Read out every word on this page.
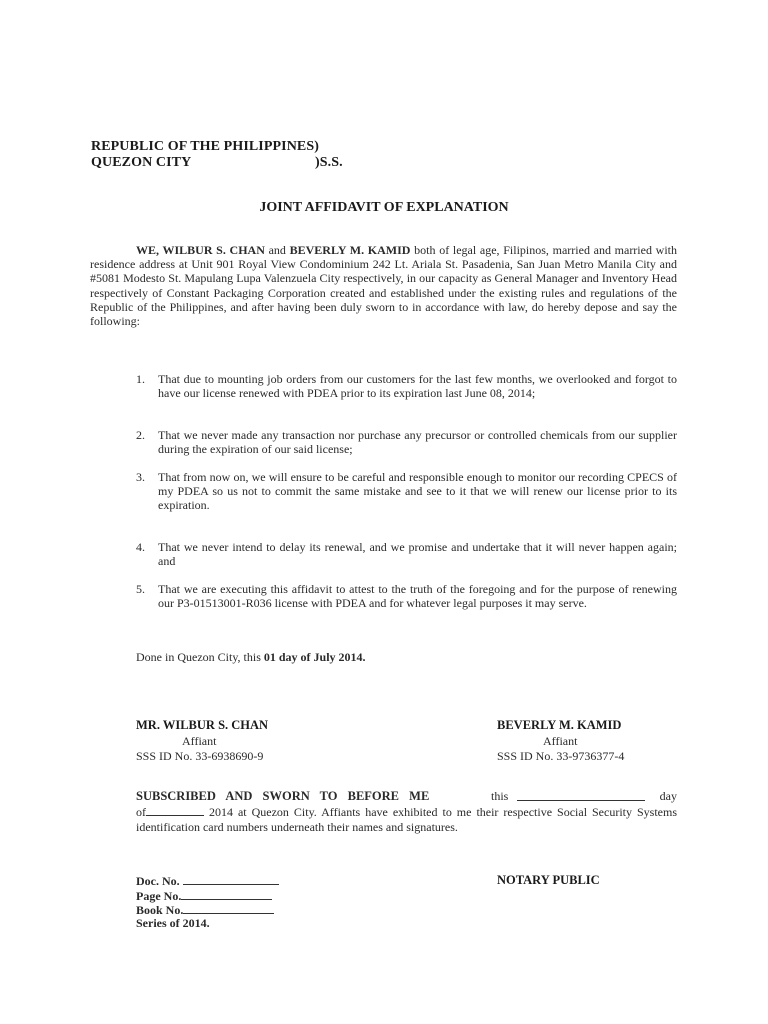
REPUBLIC OF THE PHILIPPINES)
QUEZON CITY	)S.S.
JOINT AFFIDAVIT OF EXPLANATION
WE, WILBUR S. CHAN and BEVERLY M. KAMID both of legal age, Filipinos, married and married with residence address at Unit 901 Royal View Condominium 242 Lt. Ariala St. Pasadenia, San Juan Metro Manila City and #5081 Modesto St. Mapulang Lupa Valenzuela City respectively, in our capacity as General Manager and Inventory Head respectively of Constant Packaging Corporation created and established under the existing rules and regulations of the Republic of the Philippines, and after having been duly sworn to in accordance with law, do hereby depose and say the following:
1. That due to mounting job orders from our customers for the last few months, we overlooked and forgot to have our license renewed with PDEA prior to its expiration last June 08, 2014;
2. That we never made any transaction nor purchase any precursor or controlled chemicals from our supplier during the expiration of our said license;
3. That from now on, we will ensure to be careful and responsible enough to monitor our recording CPECS of my PDEA so us not to commit the same mistake and see to it that we will renew our license prior to its expiration.
4. That we never intend to delay its renewal, and we promise and undertake that it will never happen again; and
5. That we are executing this affidavit to attest to the truth of the foregoing and for the purpose of renewing our P3-01513001-R036 license with PDEA and for whatever legal purposes it may serve.
Done in Quezon City, this 01 day of July 2014.
MR. WILBUR S. CHAN
Affiant
SSS ID No. 33-6938690-9
BEVERLY M. KAMID
Affiant
SSS ID No. 33-9736377-4
SUBSCRIBED AND SWORN TO BEFORE ME	this	day
of	2014 at Quezon City. Affiants have exhibited to me their respective Social Security Systems identification card numbers underneath their names and signatures.
Doc. No.
Page No.
Book No.
Series of 2014.
NOTARY PUBLIC
